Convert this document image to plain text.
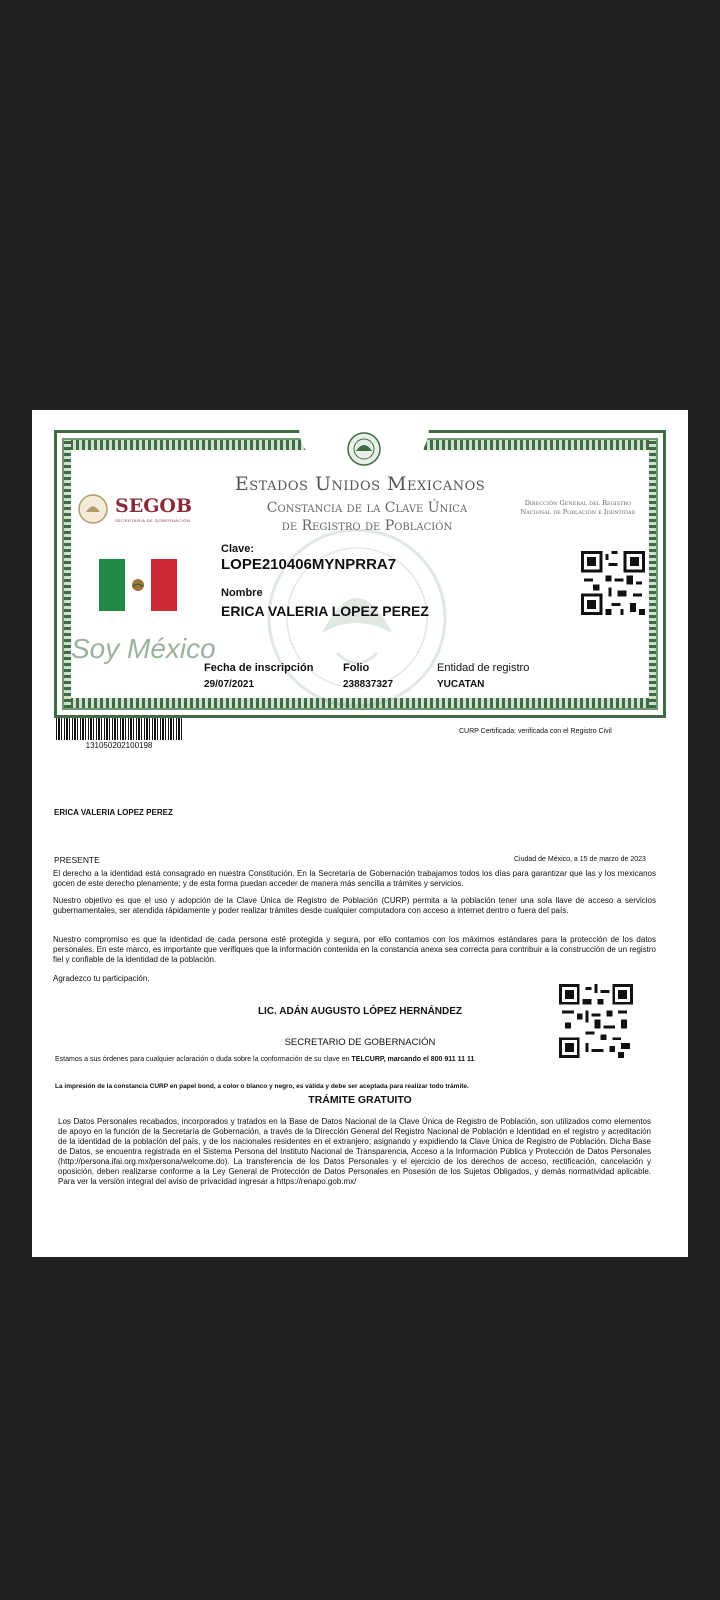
SEGOB
SECRETARÍA DE GOBERNACIÓN
Estados Unidos Mexicanos
Constancia de la Clave Única
de Registro de Población
Dirección General del Registro Nacional de Población e Identidad
Clave:
LOPE210406MYNPRRA7
Nombre
ERICA VALERIA LOPEZ PEREZ
Soy México
Fecha de inscripción
29/07/2021
Folio
238837327
Entidad de registro
YUCATAN
131050202100198
CURP Certificada: verificada con el Registro Civil
ERICA VALERIA LOPEZ PEREZ
PRESENTE	Ciudad de México, a 15 de marzo de 2023
El derecho a la identidad está consagrado en nuestra Constitución. En la Secretaría de Gobernación trabajamos todos los días para garantizar que las y los mexicanos gocen de este derecho plenamente; y de esta forma puedan acceder de manera más sencilla a trámites y servicios.
Nuestro objetivo es que el uso y adopción de la Clave Única de Registro de Población (CURP) permita a la población tener una sola llave de acceso a servicios gubernamentales, ser atendida rápidamente y poder realizar trámites desde cualquier computadora con acceso a internet dentro o fuera del país.
Nuestro compromiso es que la identidad de cada persona esté protegida y segura, por ello contamos con los máximos estándares para la protección de los datos personales. En este marco, es importante que verifiques que la información contenida en la constancia anexa sea correcta para contribuir a la construcción de un registro fiel y confiable de la identidad de la población.
Agradezco tu participación.
LIC. ADÁN AUGUSTO LÓPEZ HERNÁNDEZ
SECRETARIO DE GOBERNACIÓN
Estamos a sus órdenes para cualquier aclaración o duda sobre la conformación de su clave en TELCURP, marcando el 800 911 11 11
La impresión de la constancia CURP en papel bond, a color o blanco y negro, es válida y debe ser aceptada para realizar todo trámite.
TRÁMITE GRATUITO
Los Datos Personales recabados, incorporados y tratados en la Base de Datos Nacional de la Clave Única de Registro de Población, son utilizados como elementos de apoyo en la función de la Secretaría de Gobernación, a través de la Dirección General del Registro Nacional de Población e Identidad en el registro y acreditación de la identidad de la población del país, y de los nacionales residentes en el extranjero; asignando y expidiendo la Clave Única de Registro de Población. Dicha Base de Datos, se encuentra registrada en el Sistema Persona del Instituto Nacional de Transparencia, Acceso a la Información Pública y Protección de Datos Personales (http://persona.ifai.org.mx/persona/welcome.do). La transferencia de los Datos Personales y el ejercicio de los derechos de acceso, rectificación, cancelación y oposición, deben realizarse conforme a la Ley General de Protección de Datos Personales en Posesión de los Sujetos Obligados, y demás normatividad aplicable. Para ver la versión integral del aviso de privacidad ingresar a https://renapo.gob.mx/
